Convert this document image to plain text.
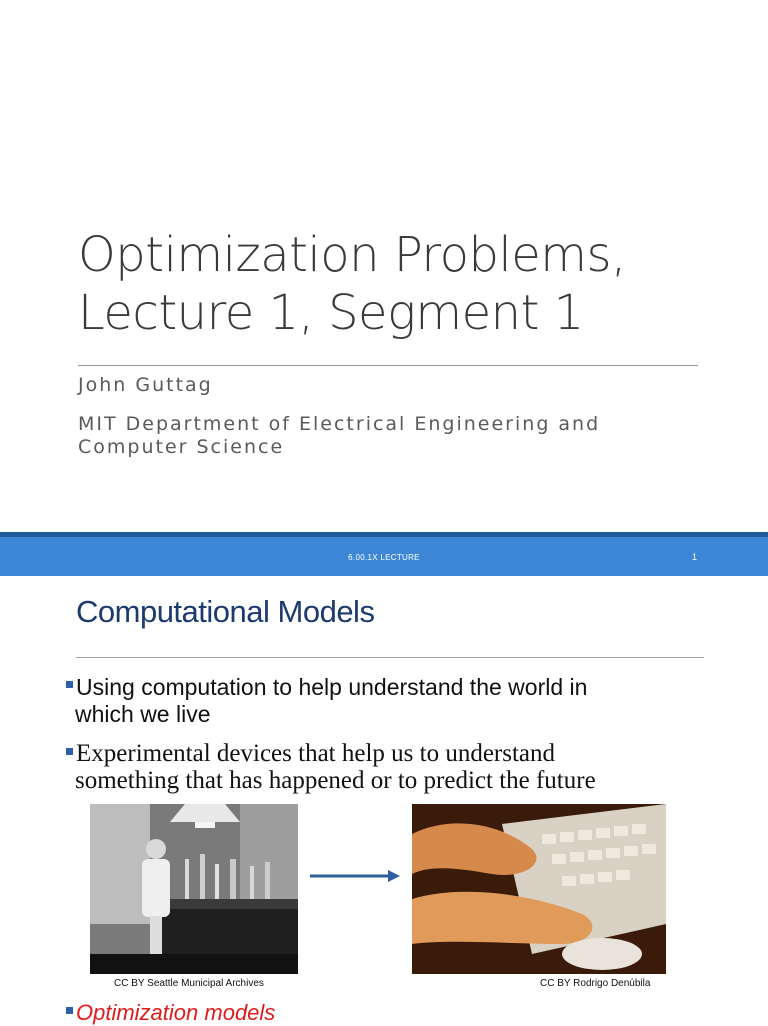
Optimization Problems,
Lecture 1, Segment 1

John Guttag

MIT Department of Electrical Engineering and
Computer Science

6.00.1X LECTURE	1
Computational Models

Using computation to help understand the world in
which we live

Experimental devices that help us to understand
something that has happened or to predict the future

CC BY Seattle Municipal Archives	CC BY Rodrigo Denúbila

Optimization models
